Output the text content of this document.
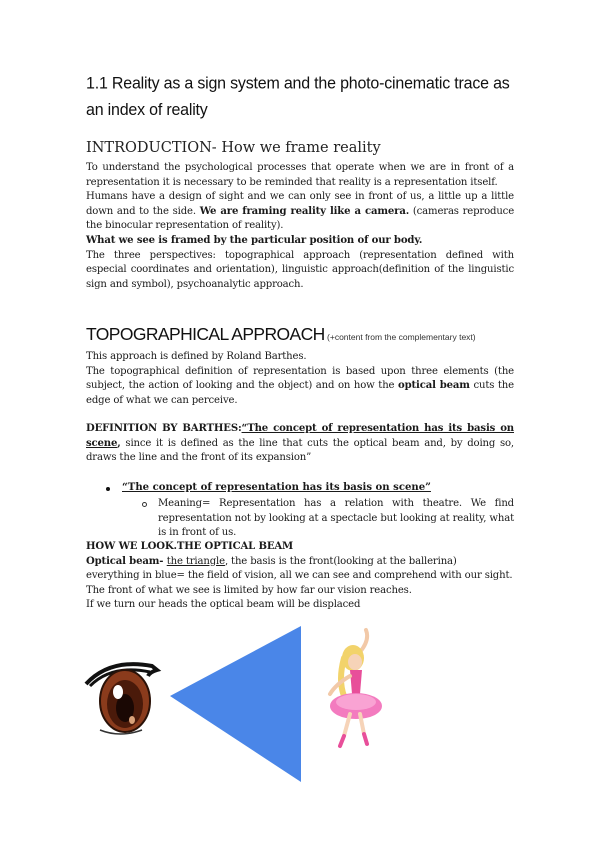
1.1 Reality as a sign system and the photo-cinematic trace as an index of reality
INTRODUCTION- How we frame reality
To understand the psychological processes that operate when we are in front of a representation it is necessary to be reminded that reality is a representation itself.
Humans have a design of sight and we can only see in front of us, a little up a little down and to the side. We are framing reality like a camera. (cameras reproduce the binocular representation of reality).
What we see is framed by the particular position of our body.
The three perspectives: topographical approach (representation defined with especial coordinates and orientation), linguistic approach(definition of the linguistic sign and symbol), psychoanalytic approach.
TOPOGRAPHICAL APPROACH (+content from the complementary text)
This approach is defined by Roland Barthes.
The topographical definition of representation is based upon three elements (the subject, the action of looking and the object) and on how the optical beam cuts the edge of what we can perceive.
DEFINITION BY BARTHES:“The concept of representation has its basis on scene, since it is defined as the line that cuts the optical beam and, by doing so, draws the line and the front of its expansion”
“The concept of representation has its basis on scene”
Meaning= Representation has a relation with theatre. We find representation not by looking at a spectacle but looking at reality, what is in front of us.
HOW WE LOOK.THE OPTICAL BEAM
Optical beam- the triangle, the basis is the front(looking at the ballerina)
everything in blue= the field of vision, all we can see and comprehend with our sight.
The front of what we see is limited by how far our vision reaches.
If we turn our heads the optical beam will be displaced
